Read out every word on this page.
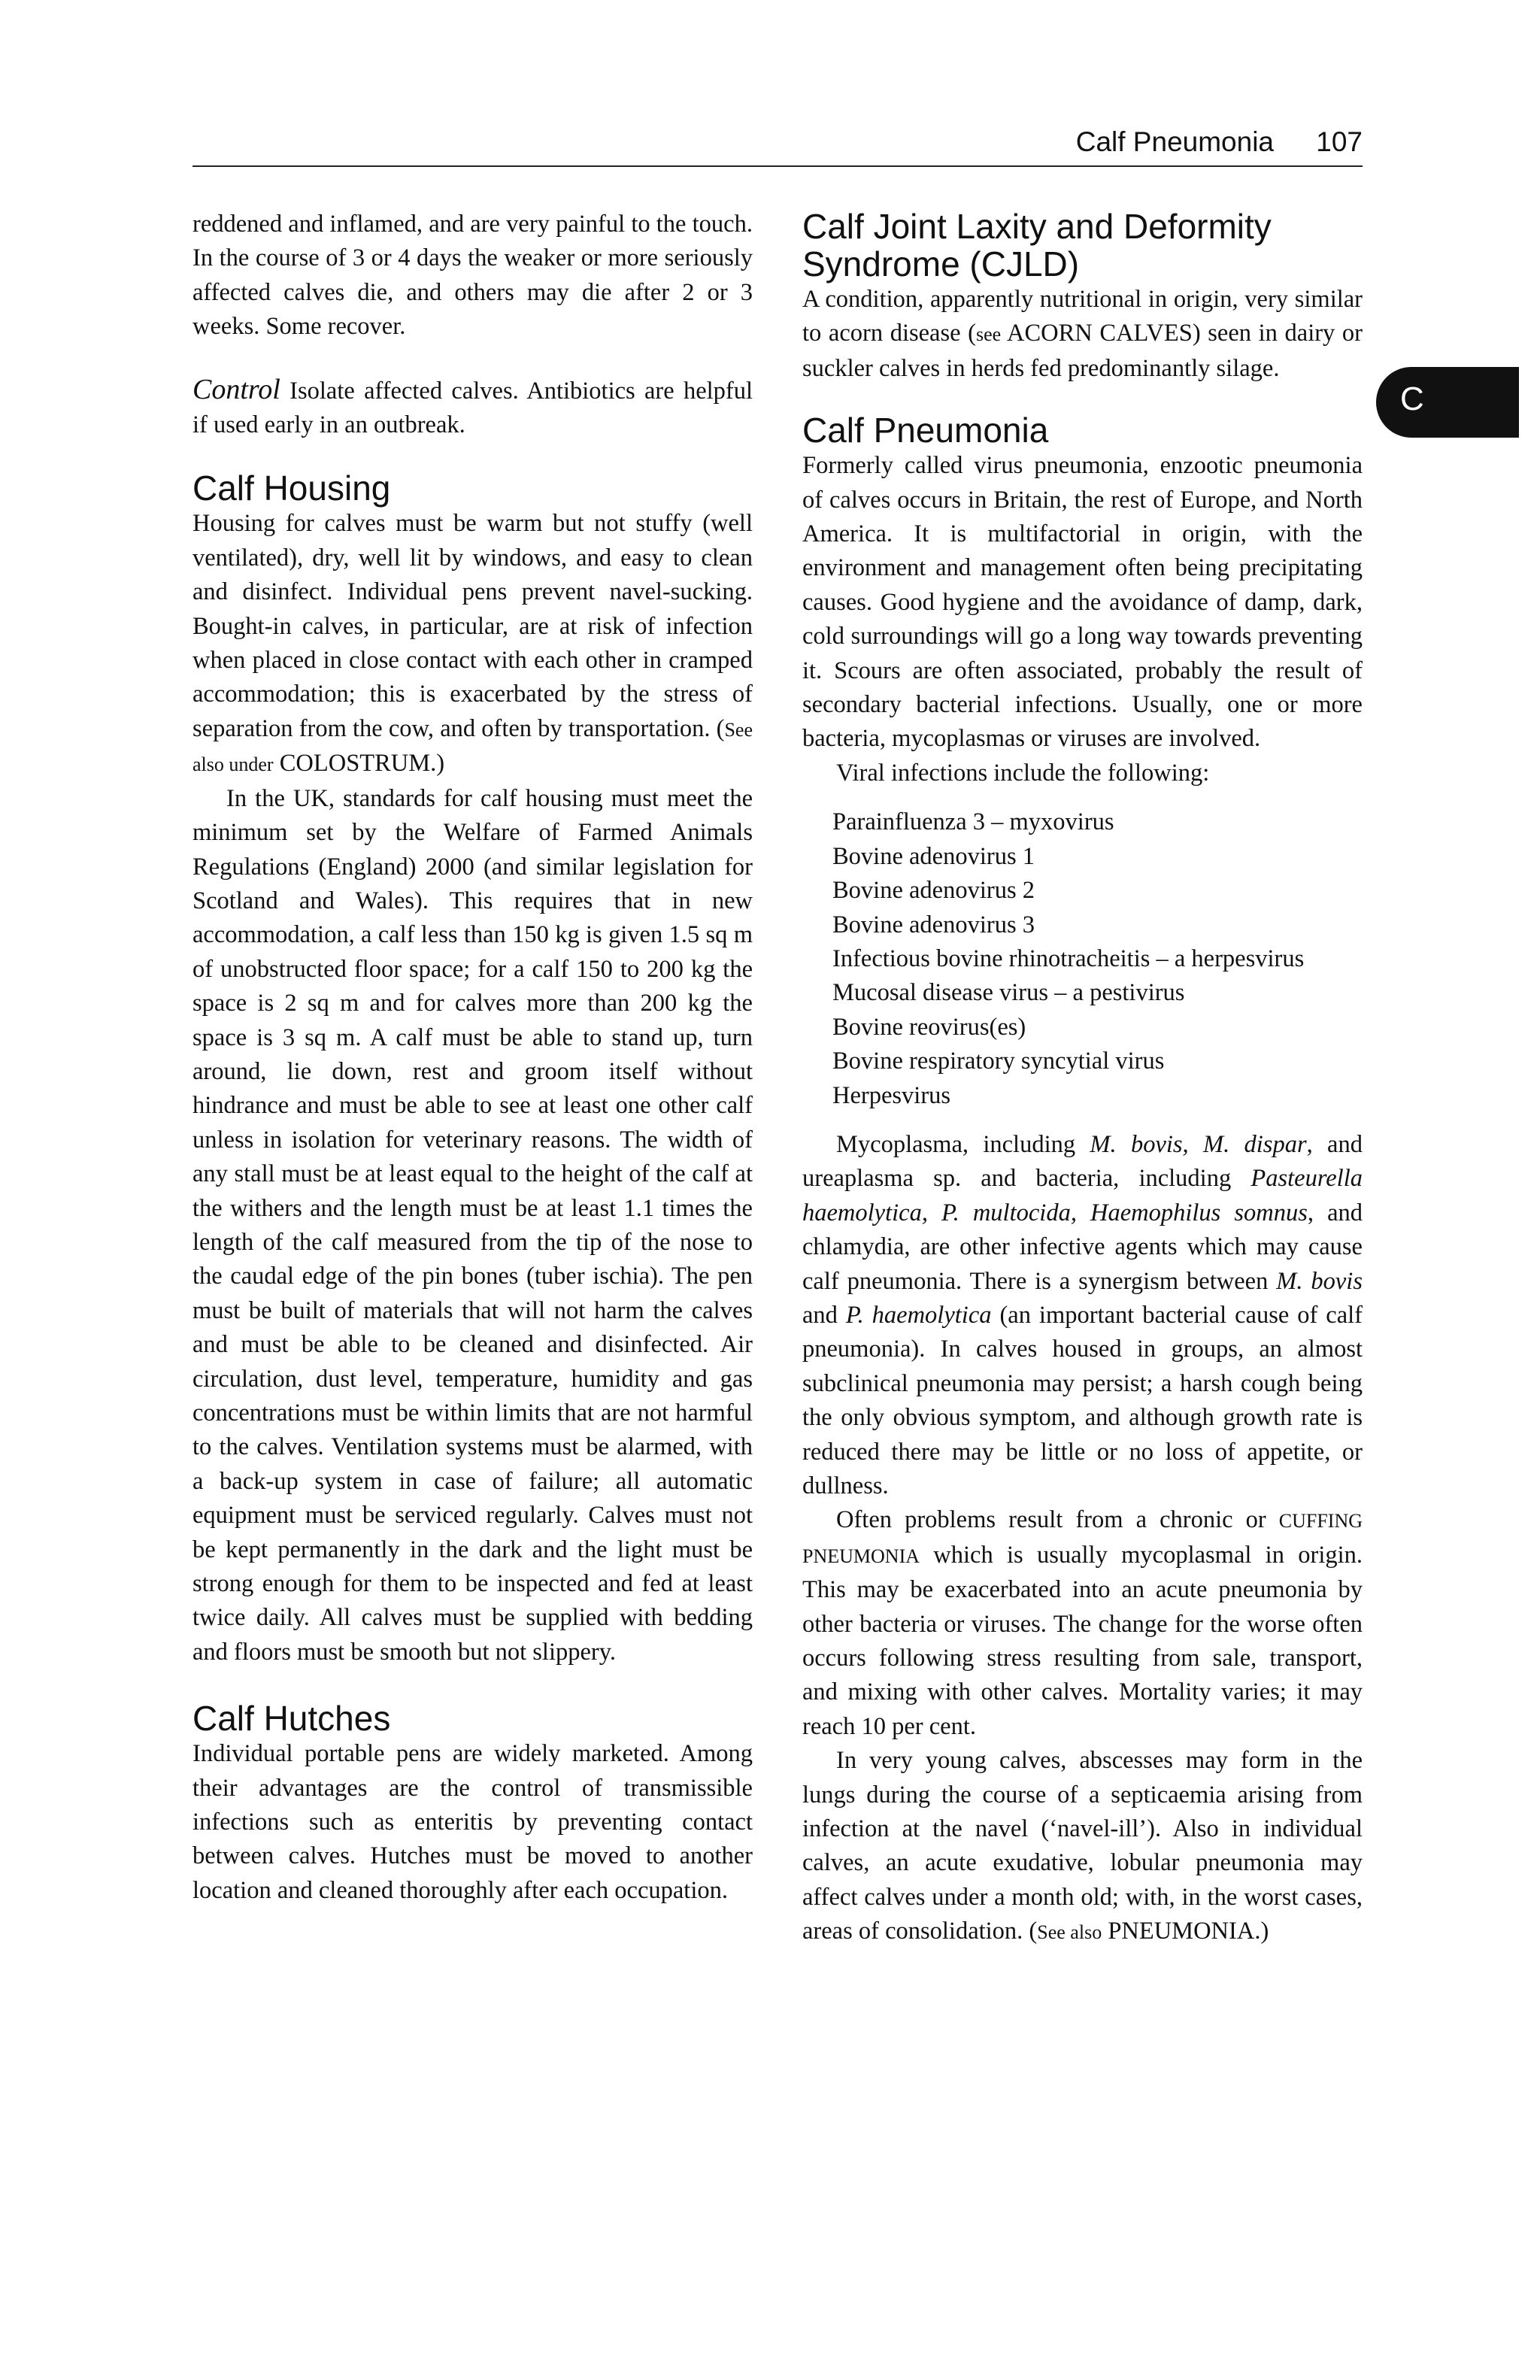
Calf Pneumonia 107
C

reddened and inflamed, and are very painful to the touch. In the course of 3 or 4 days the weaker or more seriously affected calves die, and others may die after 2 or 3 weeks. Some recover.

Control Isolate affected calves. Antibiotics are helpful if used early in an outbreak.

Calf Housing

Housing for calves must be warm but not stuffy (well ventilated), dry, well lit by windows, and easy to clean and disinfect. Individual pens prevent navel-sucking. Bought-in calves, in particular, are at risk of infection when placed in close contact with each other in cramped accommodation; this is exacerbated by the stress of separation from the cow, and often by transportation. (See also under COLOSTRUM.)

In the UK, standards for calf housing must meet the minimum set by the Welfare of Farmed Animals Regulations (England) 2000 (and similar legislation for Scotland and Wales). This requires that in new accommodation, a calf less than 150 kg is given 1.5 sq m of unobstructed floor space; for a calf 150 to 200 kg the space is 2 sq m and for calves more than 200 kg the space is 3 sq m. A calf must be able to stand up, turn around, lie down, rest and groom itself without hindrance and must be able to see at least one other calf unless in isolation for veterinary reasons. The width of any stall must be at least equal to the height of the calf at the withers and the length must be at least 1.1 times the length of the calf measured from the tip of the nose to the caudal edge of the pin bones (tuber ischia). The pen must be built of materials that will not harm the calves and must be able to be cleaned and disinfected. Air circulation, dust level, temperature, humidity and gas concentrations must be within limits that are not harmful to the calves. Ventilation systems must be alarmed, with a back-up system in case of failure; all automatic equipment must be serviced regularly. Calves must not be kept permanently in the dark and the light must be strong enough for them to be inspected and fed at least twice daily. All calves must be supplied with bedding and floors must be smooth but not slippery.

Calf Hutches

Individual portable pens are widely marketed. Among their advantages are the control of transmissible infections such as enteritis by preventing contact between calves. Hutches must be moved to another location and cleaned thoroughly after each occupation.

Calf Joint Laxity and Deformity Syndrome (CJLD)

A condition, apparently nutritional in origin, very similar to acorn disease (see ACORN CALVES) seen in dairy or suckler calves in herds fed predominantly silage.

Calf Pneumonia

Formerly called virus pneumonia, enzootic pneumonia of calves occurs in Britain, the rest of Europe, and North America. It is multifactorial in origin, with the environment and management often being precipitating causes. Good hygiene and the avoidance of damp, dark, cold surroundings will go a long way towards preventing it. Scours are often associated, probably the result of secondary bacterial infections. Usually, one or more bacteria, mycoplasmas or viruses are involved.

Viral infections include the following:

Parainfluenza 3 – myxovirus
Bovine adenovirus 1
Bovine adenovirus 2
Bovine adenovirus 3
Infectious bovine rhinotracheitis – a herpesvirus
Mucosal disease virus – a pestivirus
Bovine reovirus(es)
Bovine respiratory syncytial virus
Herpesvirus

Mycoplasma, including M. bovis, M. dispar, and ureaplasma sp. and bacteria, including Pasteurella haemolytica, P. multocida, Haemophilus somnus, and chlamydia, are other infective agents which may cause calf pneumonia. There is a synergism between M. bovis and P. haemolytica (an important bacterial cause of calf pneumonia). In calves housed in groups, an almost subclinical pneumonia may persist; a harsh cough being the only obvious symptom, and although growth rate is reduced there may be little or no loss of appetite, or dullness.

Often problems result from a chronic or CUFFING PNEUMONIA which is usually mycoplasmal in origin. This may be exacerbated into an acute pneumonia by other bacteria or viruses. The change for the worse often occurs following stress resulting from sale, transport, and mixing with other calves. Mortality varies; it may reach 10 per cent.

In very young calves, abscesses may form in the lungs during the course of a septicaemia arising from infection at the navel (‘navel-ill’). Also in individual calves, an acute exudative, lobular pneumonia may affect calves under a month old; with, in the worst cases, areas of consolidation. (See also PNEUMONIA.)
